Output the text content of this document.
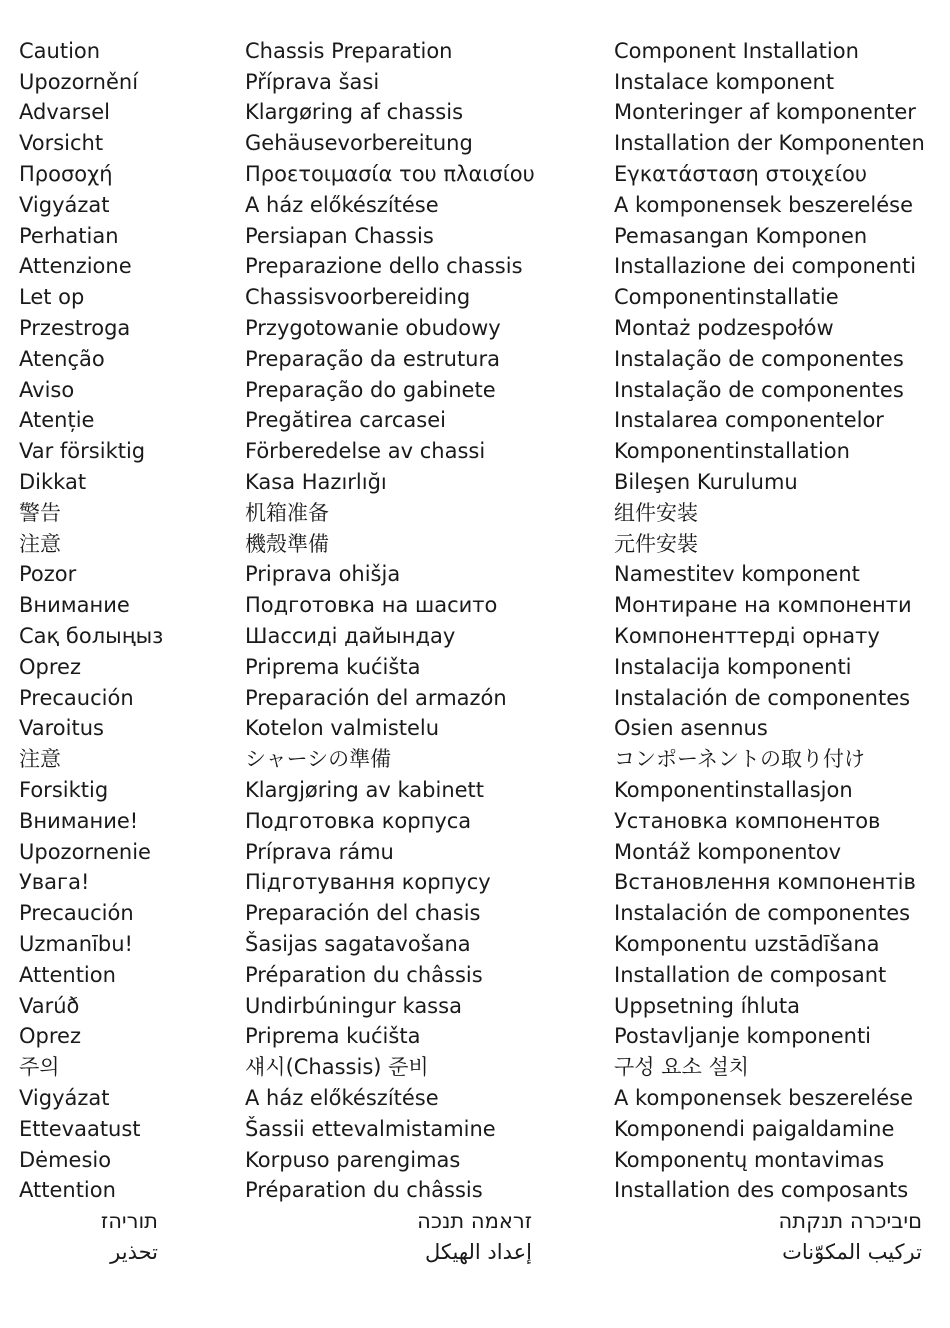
Caution	Chassis Preparation	Component Installation
Upozornění	Příprava šasi	Instalace komponent
Advarsel	Klargøring af chassis	Monteringer af komponenter
Vorsicht	Gehäusevorbereitung	Installation der Komponenten
Προσοχή	Προετοιμασία του πλαισίου	Εγκατάσταση στοιχείου
Vigyázat	A ház előkészítése	A komponensek beszerelése
Perhatian	Persiapan Chassis	Pemasangan Komponen
Attenzione	Preparazione dello chassis	Installazione dei componenti
Let op	Chassisvoorbereiding	Componentinstallatie
Przestroga	Przygotowanie obudowy	Montaż podzespołów
Atenção	Preparação da estrutura	Instalação de componentes
Aviso	Preparação do gabinete	Instalação de componentes
Atenție	Pregătirea carcasei	Instalarea componentelor
Var försiktig	Förberedelse av chassi	Komponentinstallation
Dikkat	Kasa Hazırlığı	Bileşen Kurulumu
警告	机箱准备	组件安装
注意	機殼準備	元件安裝
Pozor	Priprava ohišja	Namestitev komponent
Внимание	Подготовка на шасито	Монтиране на компоненти
Сақ болыңыз	Шассиді дайындау	Компоненттерді орнату
Oprez	Priprema kućišta	Instalacija komponenti
Precaución	Preparación del armazón	Instalación de componentes
Varoitus	Kotelon valmistelu	Osien asennus
注意	シャーシの準備	コンポーネントの取り付け
Forsiktig	Klargjøring av kabinett	Komponentinstallasjon
Внимание!	Подготовка корпуса	Установка компонентов
Upozornenie	Príprava rámu	Montáž komponentov
Увага!	Підготування корпусу	Встановлення компонентів
Precaución	Preparación del chasis	Instalación de componentes
Uzmanību!	Šasijas sagatavošana	Komponentu uzstādīšana
Attention	Préparation du châssis	Installation de composant
Varúð	Undirbúningur kassa	Uppsetning íhluta
Oprez	Priprema kućišta	Postavljanje komponenti
주의	섀시(Chassis) 준비	구성 요소 설치
Vigyázat	A ház előkészítése	A komponensek beszerelése
Ettevaatust	Šassii ettevalmistamine	Komponendi paigaldamine
Dėmesio	Korpuso parengimas	Komponentų montavimas
Attention	Préparation du châssis	Installation des composants
תוריהז	זראמה תנכה	םיביכרה תנקתה
تحذير	إعداد الهيكل	تركيب المكوّنات
